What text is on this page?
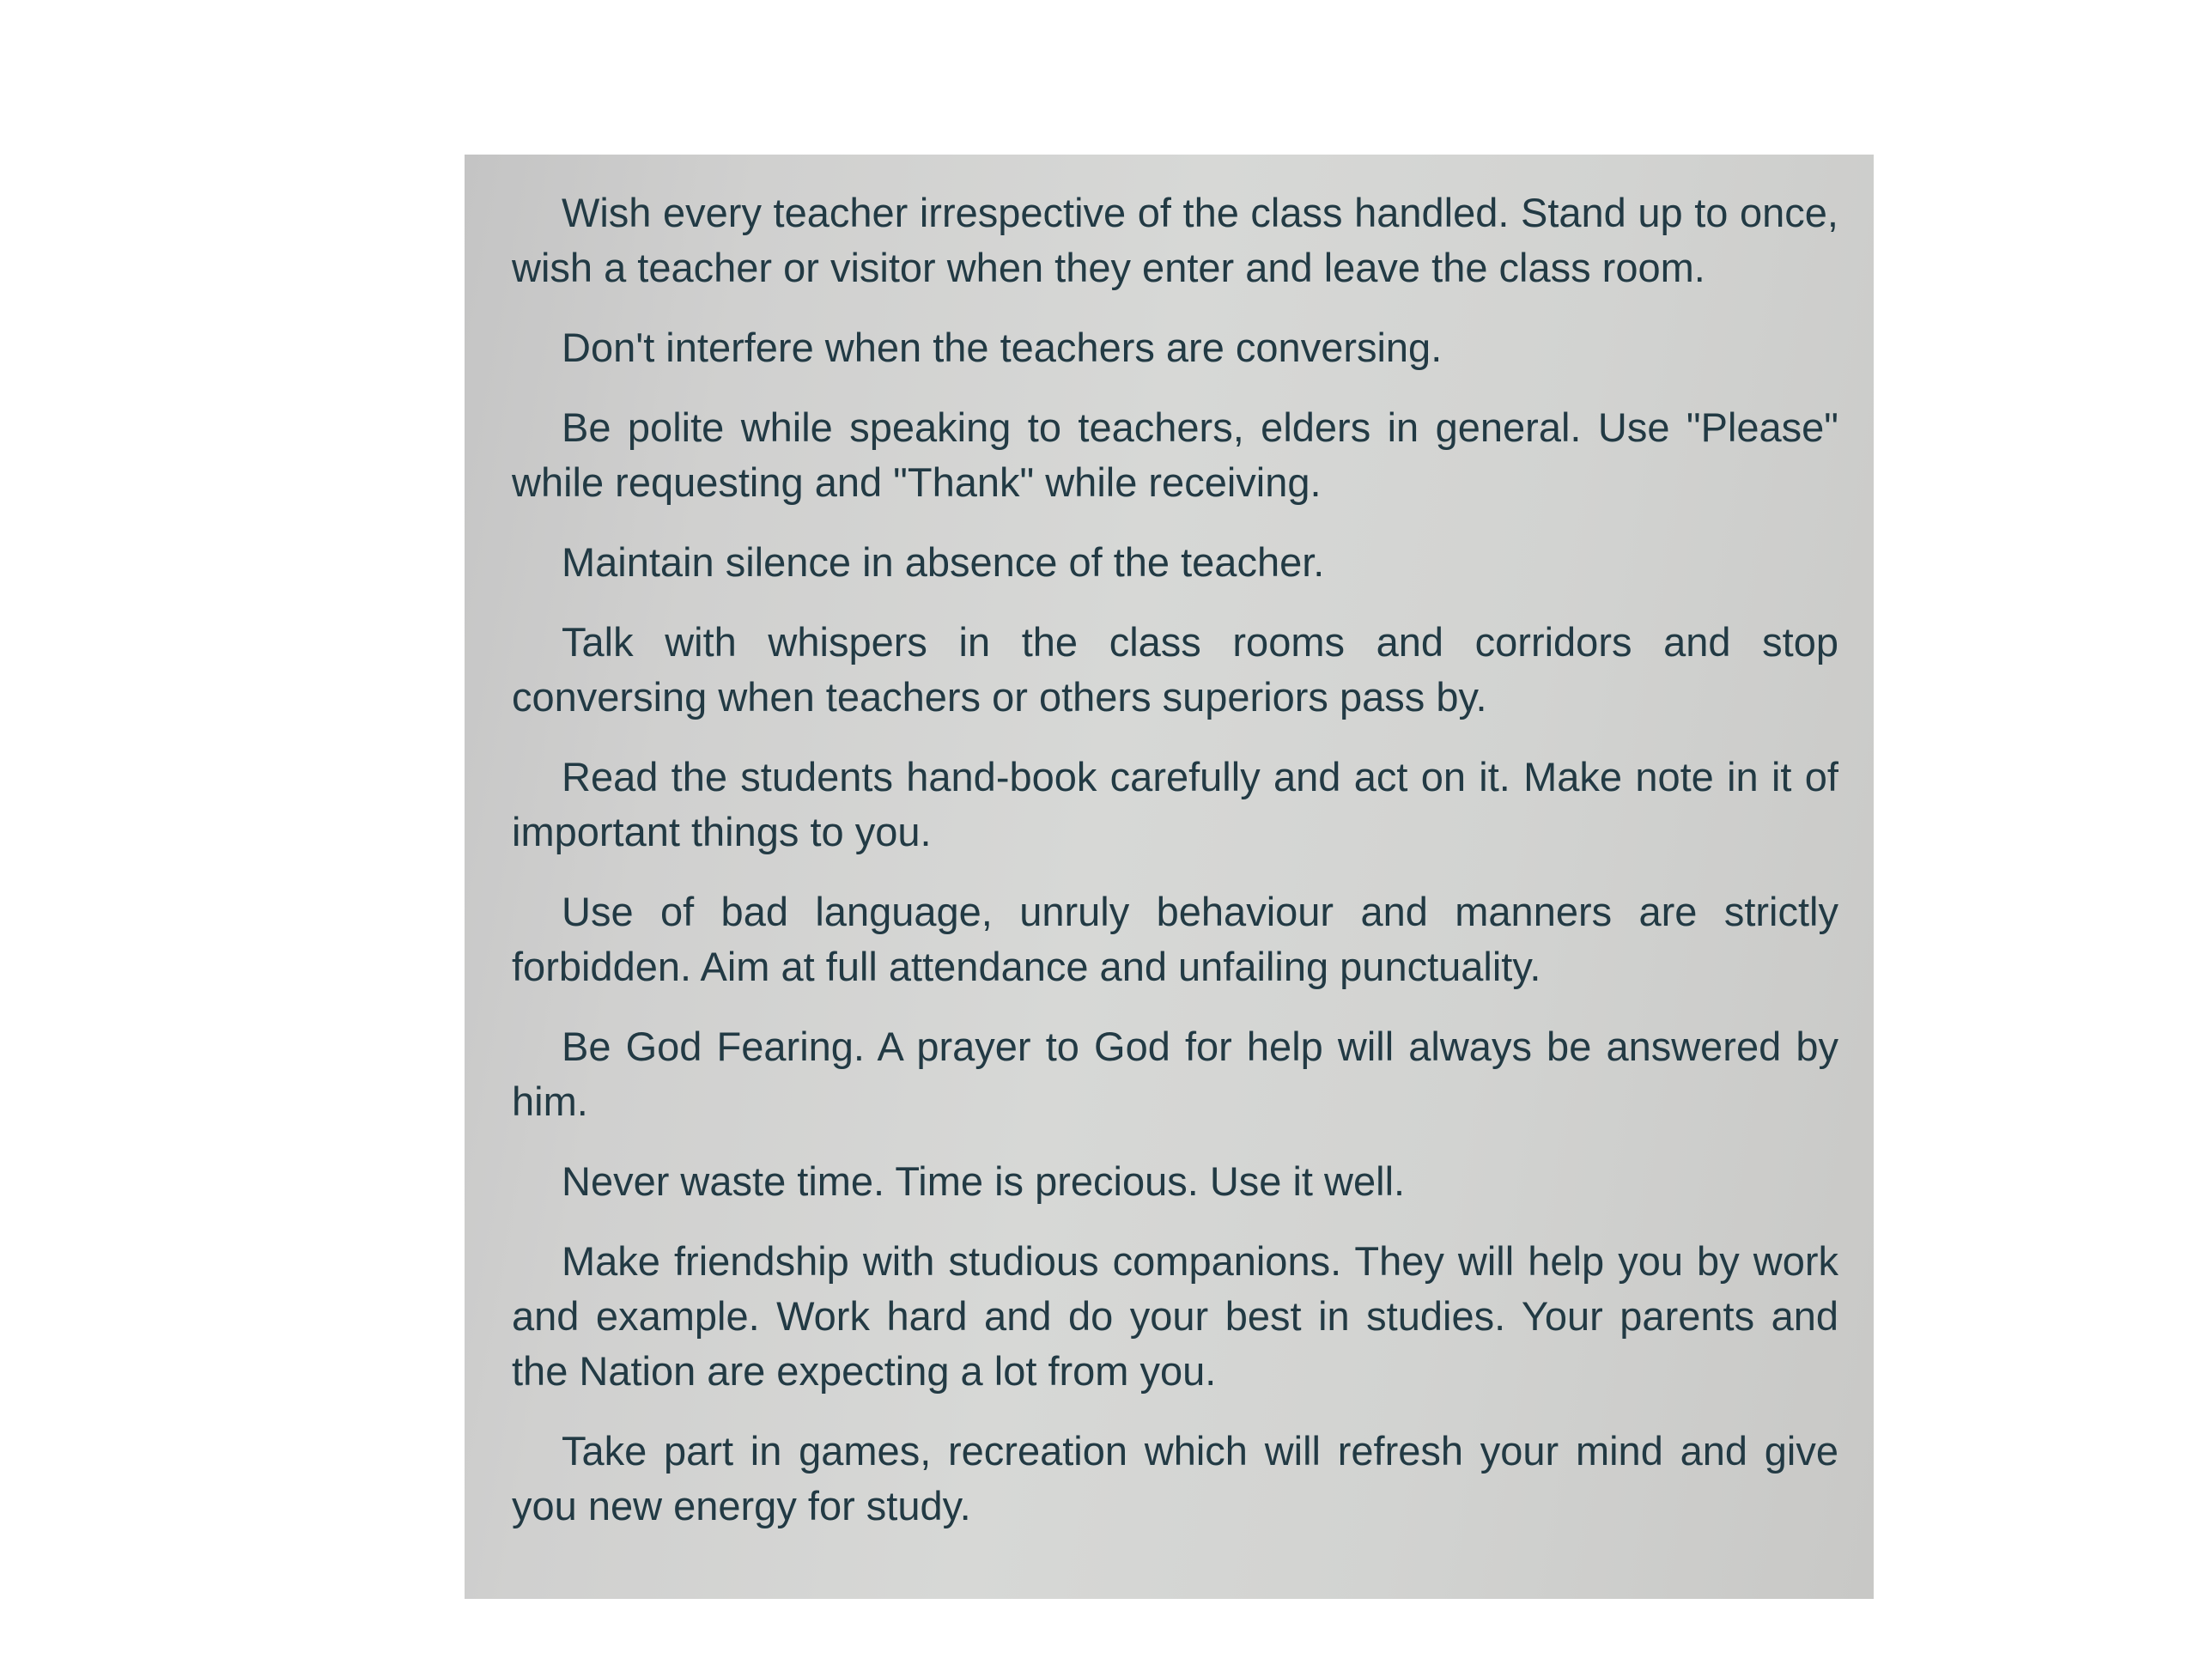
Wish every teacher irrespective of the class handled. Stand up to once, wish a teacher or visitor when they enter and leave the class room.

Don't interfere when the teachers are conversing.

Be polite while speaking to teachers, elders in general. Use "Please" while requesting and "Thank" while receiving.

Maintain silence in absence of the teacher.

Talk with whispers in the class rooms and corridors and stop conversing when teachers or others superiors pass by.

Read the students hand-book carefully and act on it. Make note in it of important things to you.

Use of bad language, unruly behaviour and manners are strictly forbidden. Aim at full attendance and unfailing punctuality.

Be God Fearing. A prayer to God for help will always be answered by him.

Never waste time. Time is precious. Use it well.

Make friendship with studious companions. They will help you by work and example. Work hard and do your best in studies. Your parents and the Nation are expecting a lot from you.

Take part in games, recreation which will refresh your mind and give you new energy for study.
